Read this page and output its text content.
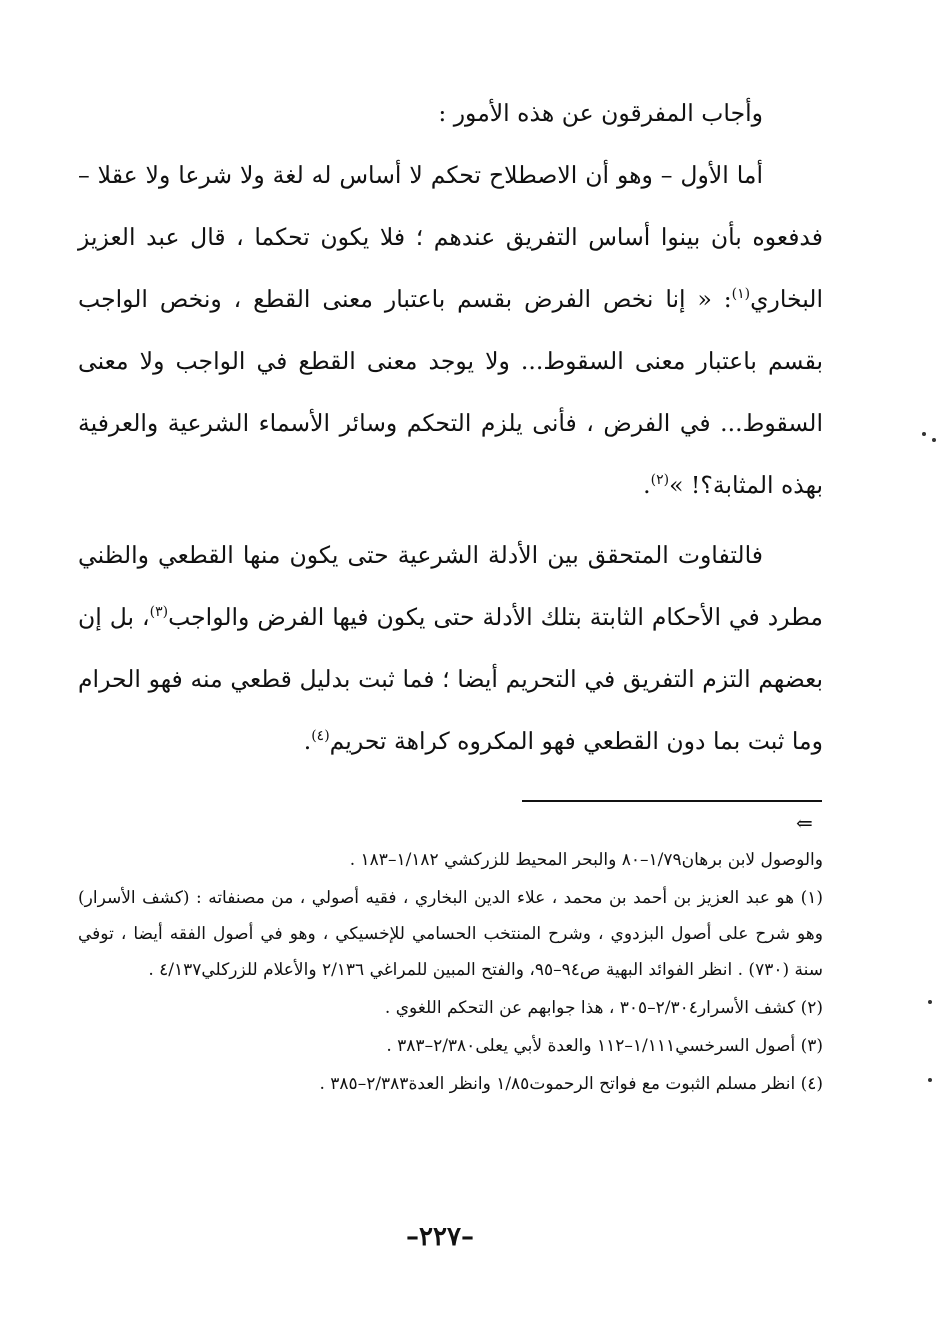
وأجاب المفرقون عن هذه الأمور :

أما الأول – وهو أن الاصطلاح تحكم لا أساس له لغة ولا شرعا ولا عقلا – فدفعوه بأن بينوا أساس التفريق عندهم ؛ فلا يكون تحكما ، قال عبد العزيز البخاري$^{(١)}$: « إنا نخص الفرض بقسم باعتبار معنى القطع ، ونخص الواجب بقسم باعتبار معنى السقوط... ولا يوجد معنى القطع في الواجب ولا معنى السقوط... في الفرض ، فأنى يلزم التحكم وسائر الأسماء الشرعية والعرفية بهذه المثابة؟! »$^{(٢)}$.

فالتفاوت المتحقق بين الأدلة الشرعية حتى يكون منها القطعي والظني مطرد في الأحكام الثابتة بتلك الأدلة حتى يكون فيها الفرض والواجب$^{(٣)}$، بل إن بعضهم التزم التفريق في التحريم أيضا ؛ فما ثبت بدليل قطعي منه فهو الحرام وما ثبت بما دون القطعي فهو المكروه كراهة تحريم$^{(٤)}$.

⇐

والوصول لابن برهان١/٧٩–٨٠ والبحر المحيط للزركشي ١/١٨٢–١٨٣ .

(١) هو عبد العزيز بن أحمد بن محمد ، علاء الدين البخاري ، فقيه أصولي ، من مصنفاته : (كشف الأسرار) وهو شرح على أصول البزدوي ، وشرح المنتخب الحسامي للإخسيكي ، وهو في أصول الفقه أيضا ، توفي سنة (٧٣٠) . انظر الفوائد البهية ص٩٤–٩٥، والفتح المبين للمراغي ٢/١٣٦ والأعلام للزركلي٤/١٣٧ .

(٢) كشف الأسرار٢/٣٠٤–٣٠٥ ، هذا جوابهم عن التحكم اللغوي .

(٣) أصول السرخسي١/١١١–١١٢ والعدة لأبي يعلى٢/٣٨٠–٣٨٣ .

(٤) انظر مسلم الثبوت مع فواتح الرحموت١/٨٥ وانظر العدة٢/٣٨٣–٣٨٥ .

–٢٢٧–
